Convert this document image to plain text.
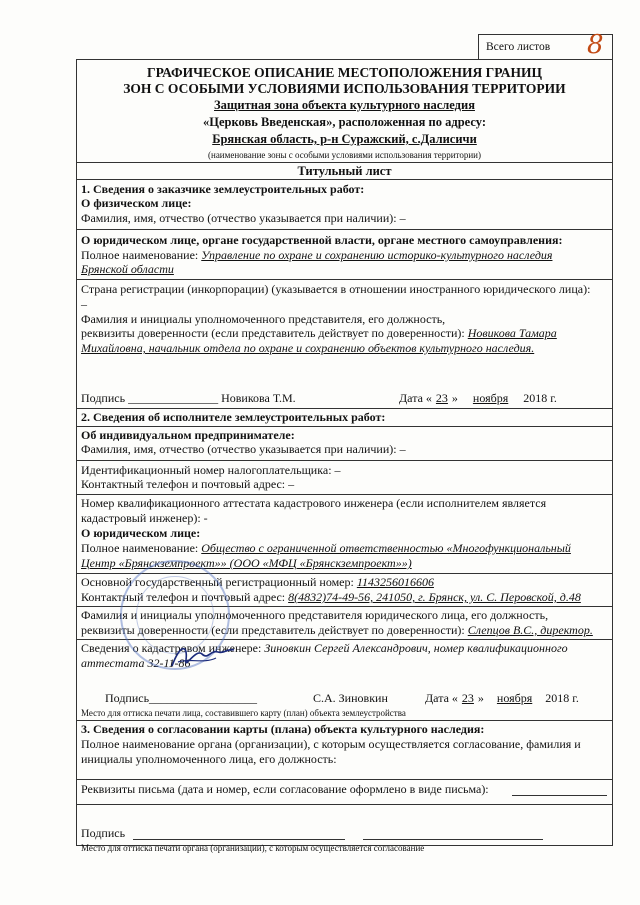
Всего листов 8
ГРАФИЧЕСКОЕ ОПИСАНИЕ МЕСТОПОЛОЖЕНИЯ ГРАНИЦ
ЗОН С ОСОБЫМИ УСЛОВИЯМИ ИСПОЛЬЗОВАНИЯ ТЕРРИТОРИИ
Защитная зона объекта культурного наследия
«Церковь Введенская», расположенная по адресу:
Брянская область, р-н Суражский, с.Далисичи
(наименование зоны с особыми условиями использования территории)
Титульный лист
1. Сведения о заказчике землеустроительных работ:
О физическом лице:
Фамилия, имя, отчество (отчество указывается при наличии): –
О юридическом лице, органе государственной власти, органе местного самоуправления:
Полное наименование: Управление по охране и сохранению историко-культурного наследия
Брянской области
Страна регистрации (инкорпорации) (указывается в отношении иностранного юридического лица):
–
Фамилия и инициалы уполномоченного представителя, его должность,
реквизиты доверенности (если представитель действует по доверенности): Новикова Тамара
Михайловна, начальник отдела по охране и сохранению объектов культурного наследия.
Подпись _______________ Новикова Т.М.	Дата « 23 » ноября 2018 г.
2. Сведения об исполнителе землеустроительных работ:
Об индивидуальном предпринимателе:
Фамилия, имя, отчество (отчество указывается при наличии): –
Идентификационный номер налогоплательщика: –
Контактный телефон и почтовый адрес: –
Номер квалификационного аттестата кадастрового инженера (если исполнителем является
кадастровый инженер): -
О юридическом лице:
Полное наименование: Общество с ограниченной ответственностью «Многофункциональный
Центр «Брянскземпроект»» (ООО «МФЦ «Брянскземпроект»»)
Основной государственный регистрационный номер: 1143256016606
Контактный телефон и почтовый адрес: 8(4832)74-49-56, 241050, г. Брянск, ул. С. Перовской, д.48
Фамилия и инициалы уполномоченного представителя юридического лица, его должность,
реквизиты доверенности (если представитель действует по доверенности): Слепцов В.С., директор.
Сведения о кадастровом инженере: Зиновкин Сергей Александрович, номер квалификационного
аттестата 32-11-86
Подпись __________________	С.А. Зиновкин	Дата « 23 » ноября 2018 г.
Место для оттиска печати лица, составившего карту (план) объекта землеустройства
3. Сведения о согласовании карты (плана) объекта культурного наследия:
Полное наименование органа (организации), с которым осуществляется согласование, фамилия и
инициалы уполномоченного лица, его должность:
Реквизиты письма (дата и номер, если согласование оформлено в виде письма):
Подпись
Место для оттиска печати органа (организации), с которым осуществляется согласование
